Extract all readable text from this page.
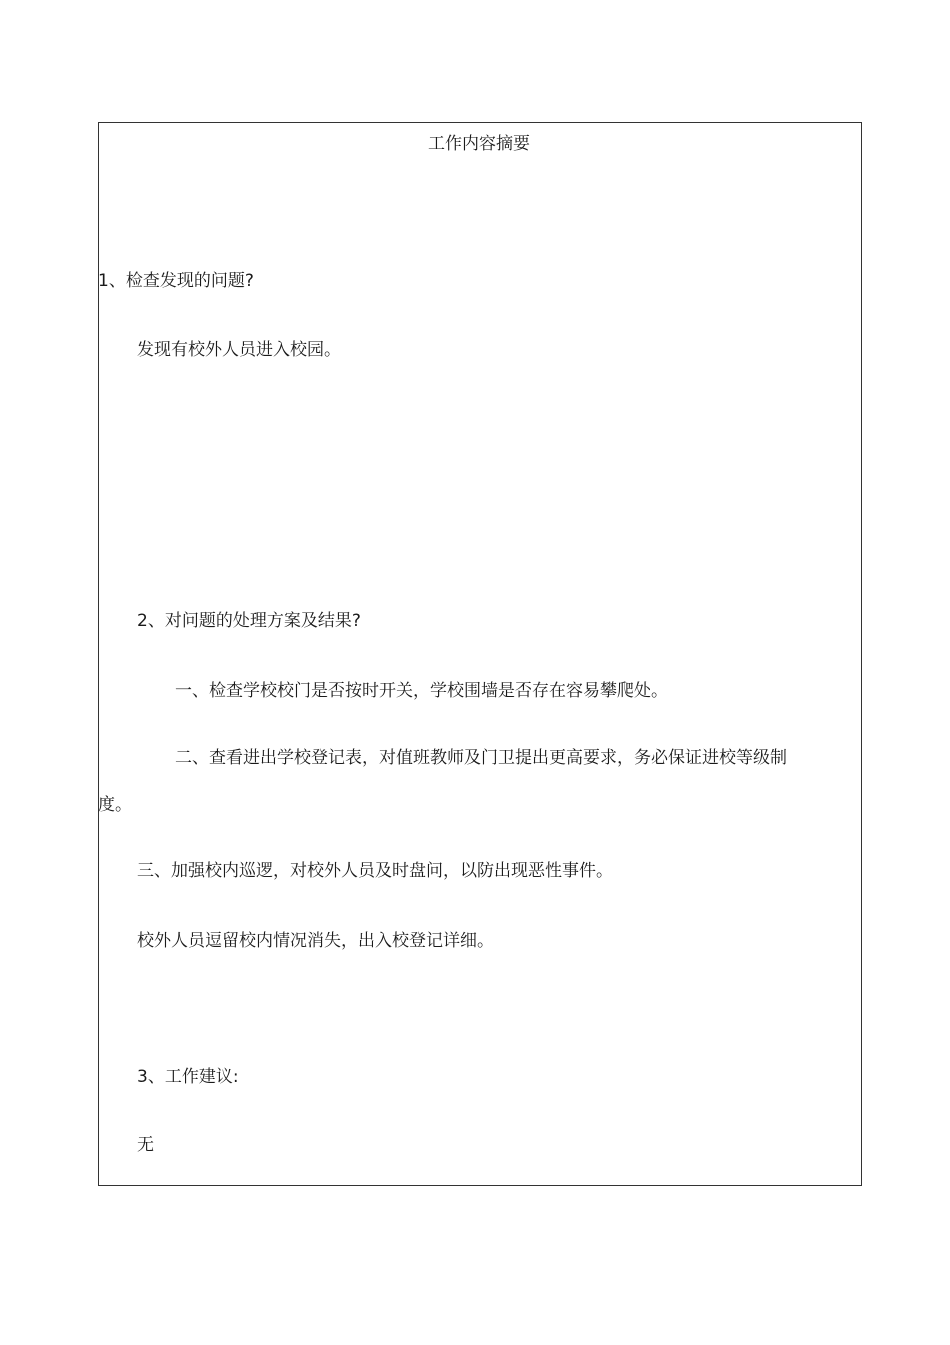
工作内容摘要
1、检查发现的问题?
发现有校外人员进入校园。
2、对问题的处理方案及结果?
一、检查学校校门是否按时开关，学校围墙是否存在容易攀爬处。
二、查看进出学校登记表，对值班教师及门卫提出更高要求，务必保证进校等级制
度。
三、加强校内巡逻，对校外人员及时盘问，以防出现恶性事件。
校外人员逗留校内情况消失，出入校登记详细。
3、工作建议:
无
